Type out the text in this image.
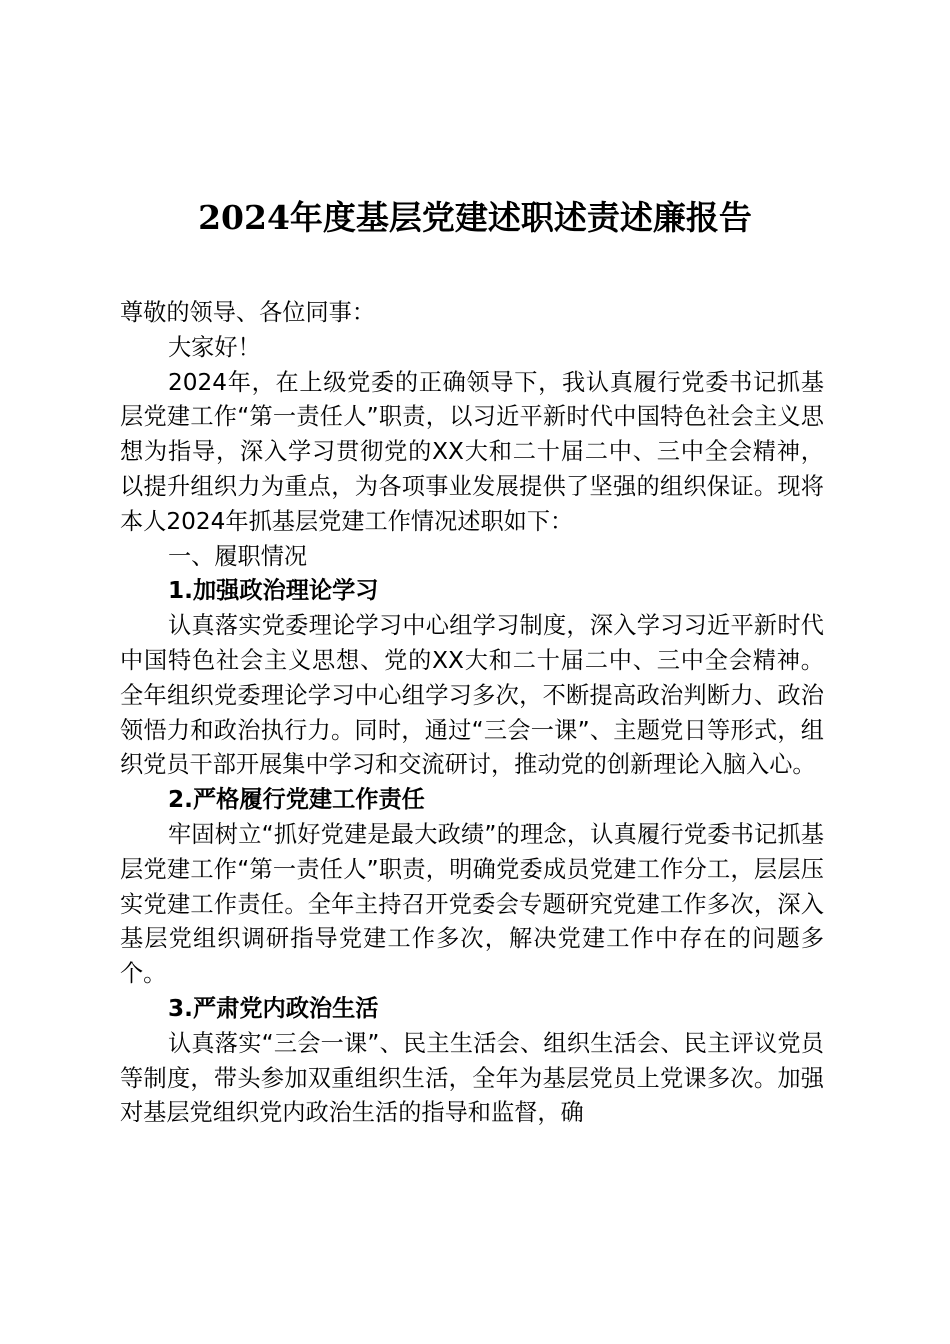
2024年度基层党建述职述责述廉报告

尊敬的领导、各位同事：

大家好！

2024年，在上级党委的正确领导下，我认真履行党委书记抓基层党建工作“第一责任人”职责，以习近平新时代中国特色社会主义思想为指导，深入学习贯彻党的XX大和二十届二中、三中全会精神，以提升组织力为重点，为各项事业发展提供了坚强的组织保证。现将本人2024年抓基层党建工作情况述职如下：

一、履职情况

1.加强政治理论学习

认真落实党委理论学习中心组学习制度，深入学习习近平新时代中国特色社会主义思想、党的XX大和二十届二中、三中全会精神。全年组织党委理论学习中心组学习多次，不断提高政治判断力、政治领悟力和政治执行力。同时，通过“三会一课”、主题党日等形式，组织党员干部开展集中学习和交流研讨，推动党的创新理论入脑入心。

2.严格履行党建工作责任

牢固树立“抓好党建是最大政绩”的理念，认真履行党委书记抓基层党建工作“第一责任人”职责，明确党委成员党建工作分工，层层压实党建工作责任。全年主持召开党委会专题研究党建工作多次，深入基层党组织调研指导党建工作多次，解决党建工作中存在的问题多个。

3.严肃党内政治生活

认真落实“三会一课”、民主生活会、组织生活会、民主评议党员等制度，带头参加双重组织生活，全年为基层党员上党课多次。加强对基层党组织党内政治生活的指导和监督，确
